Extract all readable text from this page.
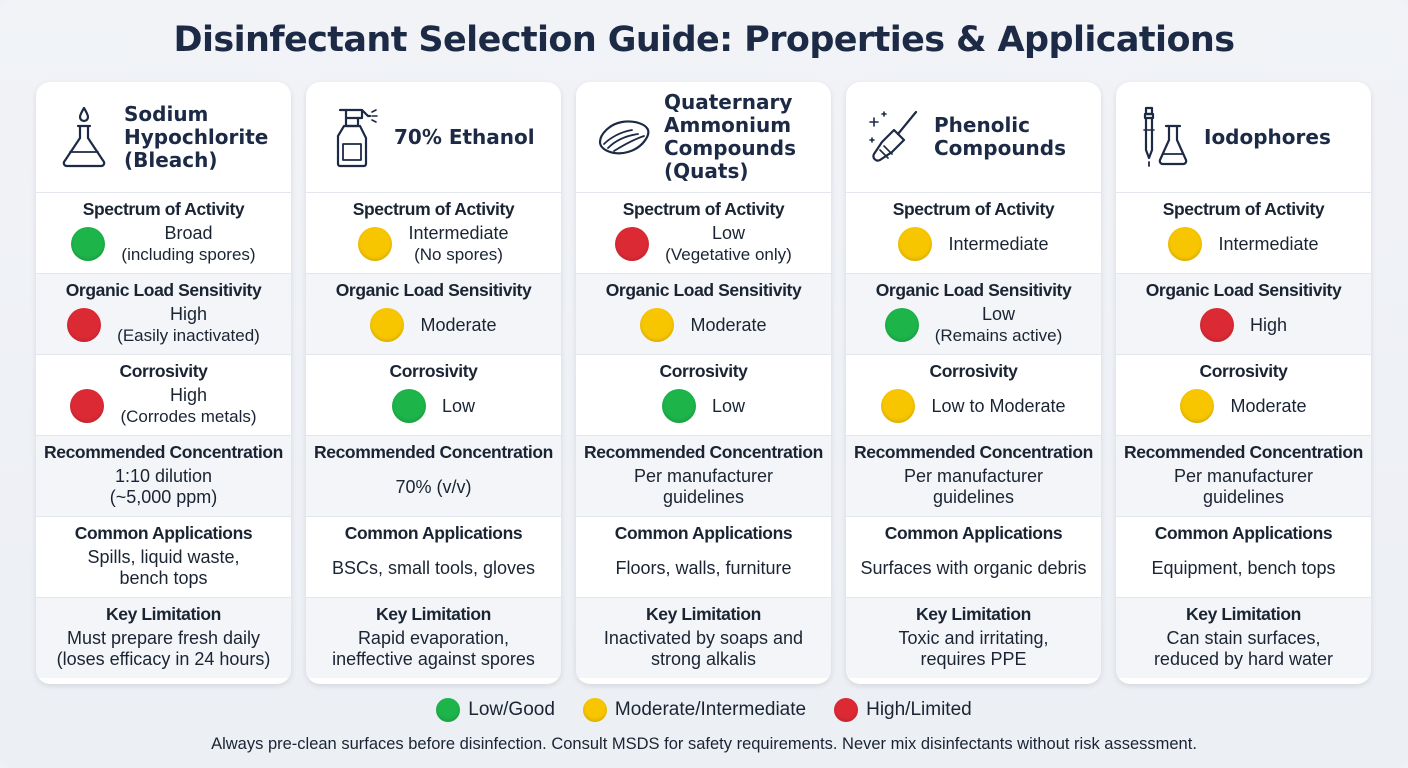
Disinfectant Selection Guide: Properties & Applications
Sodium
Hypochlorite
(Bleach)
Spectrum of Activity
Broad
(including spores)
Organic Load Sensitivity
High
(Easily inactivated)
Corrosivity
High
(Corrodes metals)
Recommended Concentration
1:10 dilution
(~5,000 ppm)
Common Applications
Spills, liquid waste,
bench tops
Key Limitation
Must prepare fresh daily
(loses efficacy in 24 hours)
70% Ethanol
Spectrum of Activity
Intermediate
(No spores)
Organic Load Sensitivity
Moderate
Corrosivity
Low
Recommended Concentration
70% (v/v)
Common Applications
BSCs, small tools, gloves
Key Limitation
Rapid evaporation,
ineffective against spores
Quaternary
Ammonium
Compounds
(Quats)
Spectrum of Activity
Low
(Vegetative only)
Organic Load Sensitivity
Moderate
Corrosivity
Low
Recommended Concentration
Per manufacturer
guidelines
Common Applications
Floors, walls, furniture
Key Limitation
Inactivated by soaps and
strong alkalis
Phenolic
Compounds
Spectrum of Activity
Intermediate
Organic Load Sensitivity
Low
(Remains active)
Corrosivity
Low to Moderate
Recommended Concentration
Per manufacturer
guidelines
Common Applications
Surfaces with organic debris
Key Limitation
Toxic and irritating,
requires PPE
Iodophores
Spectrum of Activity
Intermediate
Organic Load Sensitivity
High
Corrosivity
Moderate
Recommended Concentration
Per manufacturer
guidelines
Common Applications
Equipment, bench tops
Key Limitation
Can stain surfaces,
reduced by hard water
Low/Good	Moderate/Intermediate	High/Limited
Always pre-clean surfaces before disinfection. Consult MSDS for safety requirements. Never mix disinfectants without risk assessment.
